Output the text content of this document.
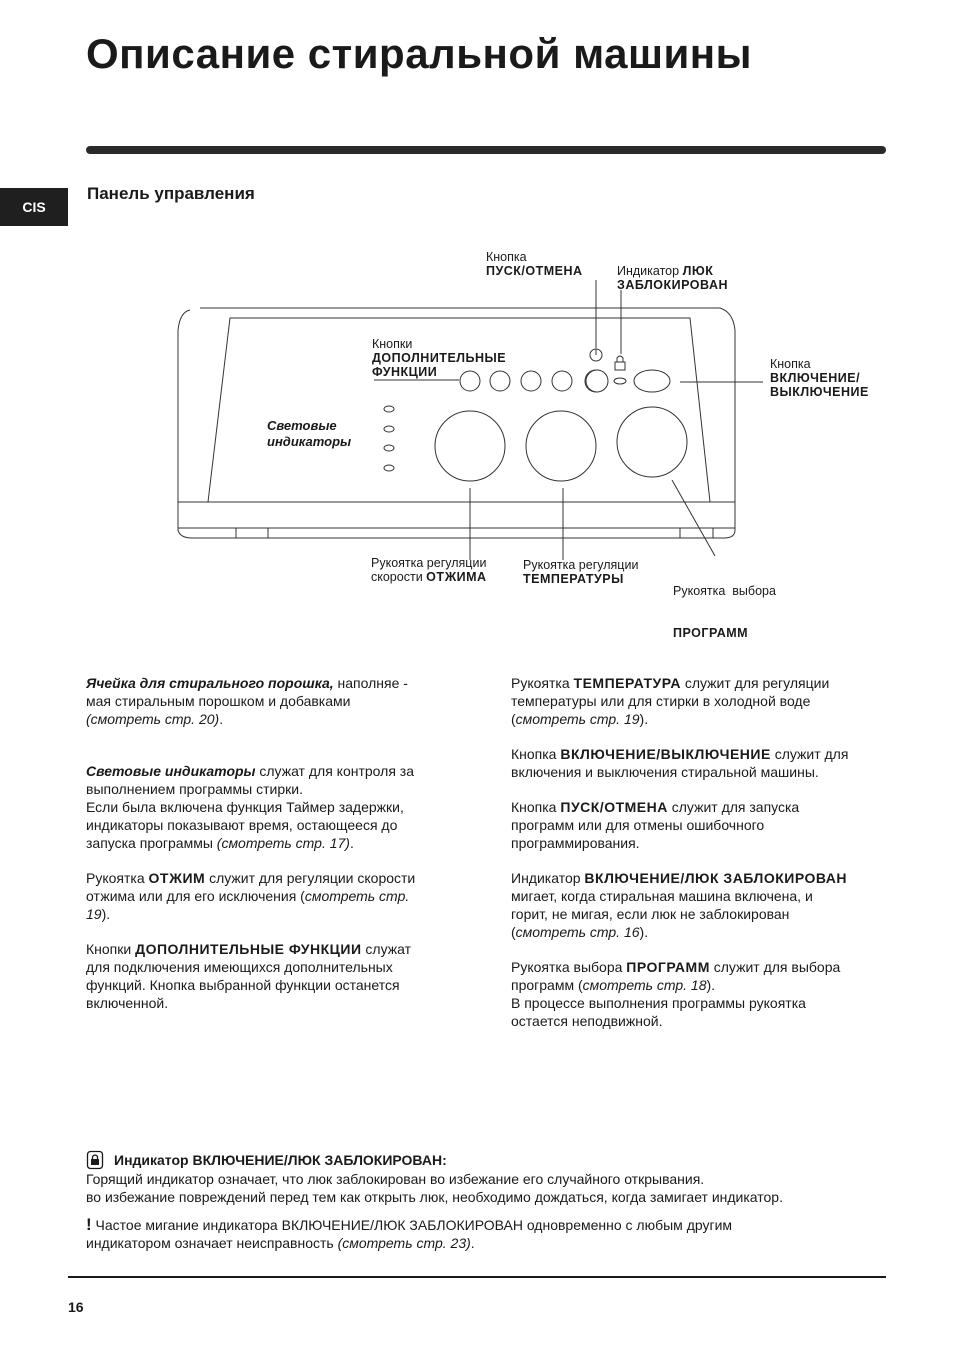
Описание стиральной машины
CIS
Панель управления
Кнопка
ПУСК/ОТМЕНА	Индикатор ЛЮК
ЗАБЛОКИРОВАН
Кнопки
ДОПОЛНИТЕЛЬНЫЕ
ФУНКЦИИ
Кнопка
ВКЛЮЧЕНИЕ/
ВЫКЛЮЧЕНИЕ
Световые
индикаторы
Рукоятка регуляции
скорости ОТЖИМА
Рукоятка регуляции
ТЕМПЕРАТУРЫ

Рукоятка  выбора

ПРОГРАММ

Ячейка для стирального порошка, наполняе -
мая стиральным порошком и добавками
(смотреть стр. 20).

Световые индикаторы служат для контроля за
выполнением программы стирки.
Если была включена функция Таймер задержки,
индикаторы показывают время, остающееся до
запуска программы (смотреть стр. 17).

Рукоятка ОТЖИМ служит для регуляции скорости
отжима или для его исключения (смотреть стр.
19).

Кнопки ДОПОЛНИТЕЛЬНЫЕ ФУНКЦИИ служат
для подключения имеющихся дополнительных
функций. Кнопка выбранной функции останется
включенной.

Рукоятка ТЕМПЕРАТУРА служит для регуляции
температуры или для стирки в холодной воде
(смотреть стр. 19).

Кнопка ВКЛЮЧЕНИЕ/ВЫКЛЮЧЕНИЕ служит для
включения и выключения стиральной машины.

Кнопка ПУСК/ОТМЕНА служит для запуска
программ или для отмены ошибочного
программирования.

Индикатор ВКЛЮЧЕНИЕ/ЛЮК ЗАБЛОКИРОВАН
мигает, когда стиральная машина включена, и
горит, не мигая, если люк не заблокирован
(смотреть стр. 16).

Рукоятка выбора ПРОГРАММ служит для выбора
программ (смотреть стр. 18).
В процессе выполнения программы рукоятка
остается неподвижной.

Индикатор ВКЛЮЧЕНИЕ/ЛЮК ЗАБЛОКИРОВАН:
Горящий индикатор означает, что люк заблокирован во избежание его случайного открывания.
во избежание повреждений перед тем как открыть люк, необходимо дождаться, когда замигает индикатор.
! Частое мигание индикатора ВКЛЮЧЕНИЕ/ЛЮК ЗАБЛОКИРОВАН одновременно с любым другим
индикатором означает неисправность (смотреть стр. 23).
16
